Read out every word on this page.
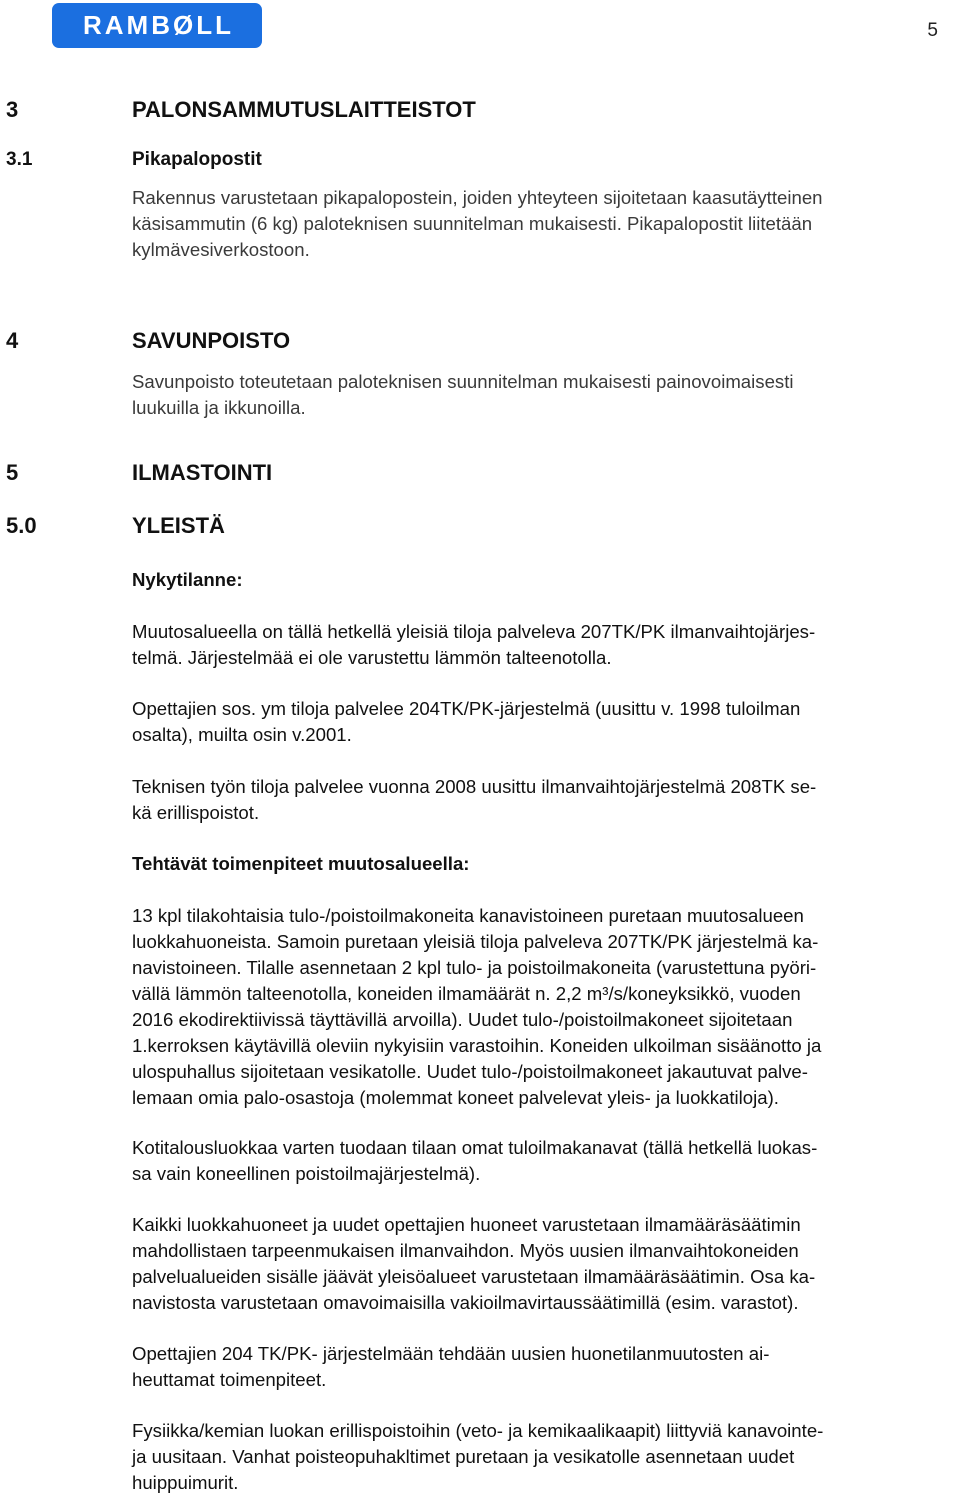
RAMBØLL	5
3	PALONSAMMUTUSLAITTEISTOT
3.1	Pikapalopostit
Rakennus varustetaan pikapalopostein, joiden yhteyteen sijoitetaan kaasutäytteinen
käsisammutin (6 kg) paloteknisen suunnitelman mukaisesti. Pikapalopostit liitetään
kylmävesiverkostoon.
4	SAVUNPOISTO
Savunpoisto toteutetaan paloteknisen suunnitelman mukaisesti painovoimaisesti
luukuilla ja ikkunoilla.
5	ILMASTOINTI
5.0	YLEISTÄ
Nykytilanne:
Muutosalueella on tällä hetkellä yleisiä tiloja palveleva 207TK/PK ilmanvaihtojärjes-
telmä. Järjestelmää ei ole varustettu lämmön talteenotolla.
Opettajien sos. ym tiloja palvelee 204TK/PK-järjestelmä (uusittu v. 1998 tuloilman
osalta), muilta osin v.2001.
Teknisen työn tiloja palvelee vuonna 2008 uusittu ilmanvaihtojärjestelmä 208TK se-
kä erillispoistot.
Tehtävät toimenpiteet muutosalueella:
13 kpl tilakohtaisia tulo-/poistoilmakoneita kanavistoineen puretaan muutosalueen
luokkahuoneista. Samoin puretaan yleisiä tiloja palveleva 207TK/PK järjestelmä ka-
navistoineen. Tilalle asennetaan 2 kpl tulo- ja poistoilmakoneita (varustettuna pyöri-
vällä lämmön talteenotolla, koneiden ilmamäärät n. 2,2 m³/s/koneyksikkö, vuoden
2016 ekodirektiivissä täyttävillä arvoilla). Uudet tulo-/poistoilmakoneet sijoitetaan
1.kerroksen käytävillä oleviin nykyisiin varastoihin. Koneiden ulkoilman sisäänotto ja
ulospuhallus sijoitetaan vesikatolle. Uudet tulo-/poistoilmakoneet jakautuvat palve-
lemaan omia palo-osastoja (molemmat koneet palvelevat yleis- ja luokkatiloja).
Kotitalousluokkaa varten tuodaan tilaan omat tuloilmakanavat (tällä hetkellä luokas-
sa vain koneellinen poistoilmajärjestelmä).
Kaikki luokkahuoneet ja uudet opettajien huoneet varustetaan ilmamääräsäätimin
mahdollistaen tarpeenmukaisen ilmanvaihdon. Myös uusien ilmanvaihtokoneiden
palvelualueiden sisälle jäävät yleisöalueet varustetaan ilmamääräsäätimin. Osa ka-
navistosta varustetaan omavoimaisilla vakioilmavirtaussäätimillä (esim. varastot).
Opettajien 204 TK/PK- järjestelmään tehdään uusien huonetilanmuutosten ai-
heuttamat toimenpiteet.
Fysiikka/kemian luokan erillispoistoihin (veto- ja kemikaalikaapit) liittyviä kanavointe-
ja uusitaan. Vanhat poisteopuhakltimet puretaan ja vesikatolle asennetaan uudet
huippuimurit.
